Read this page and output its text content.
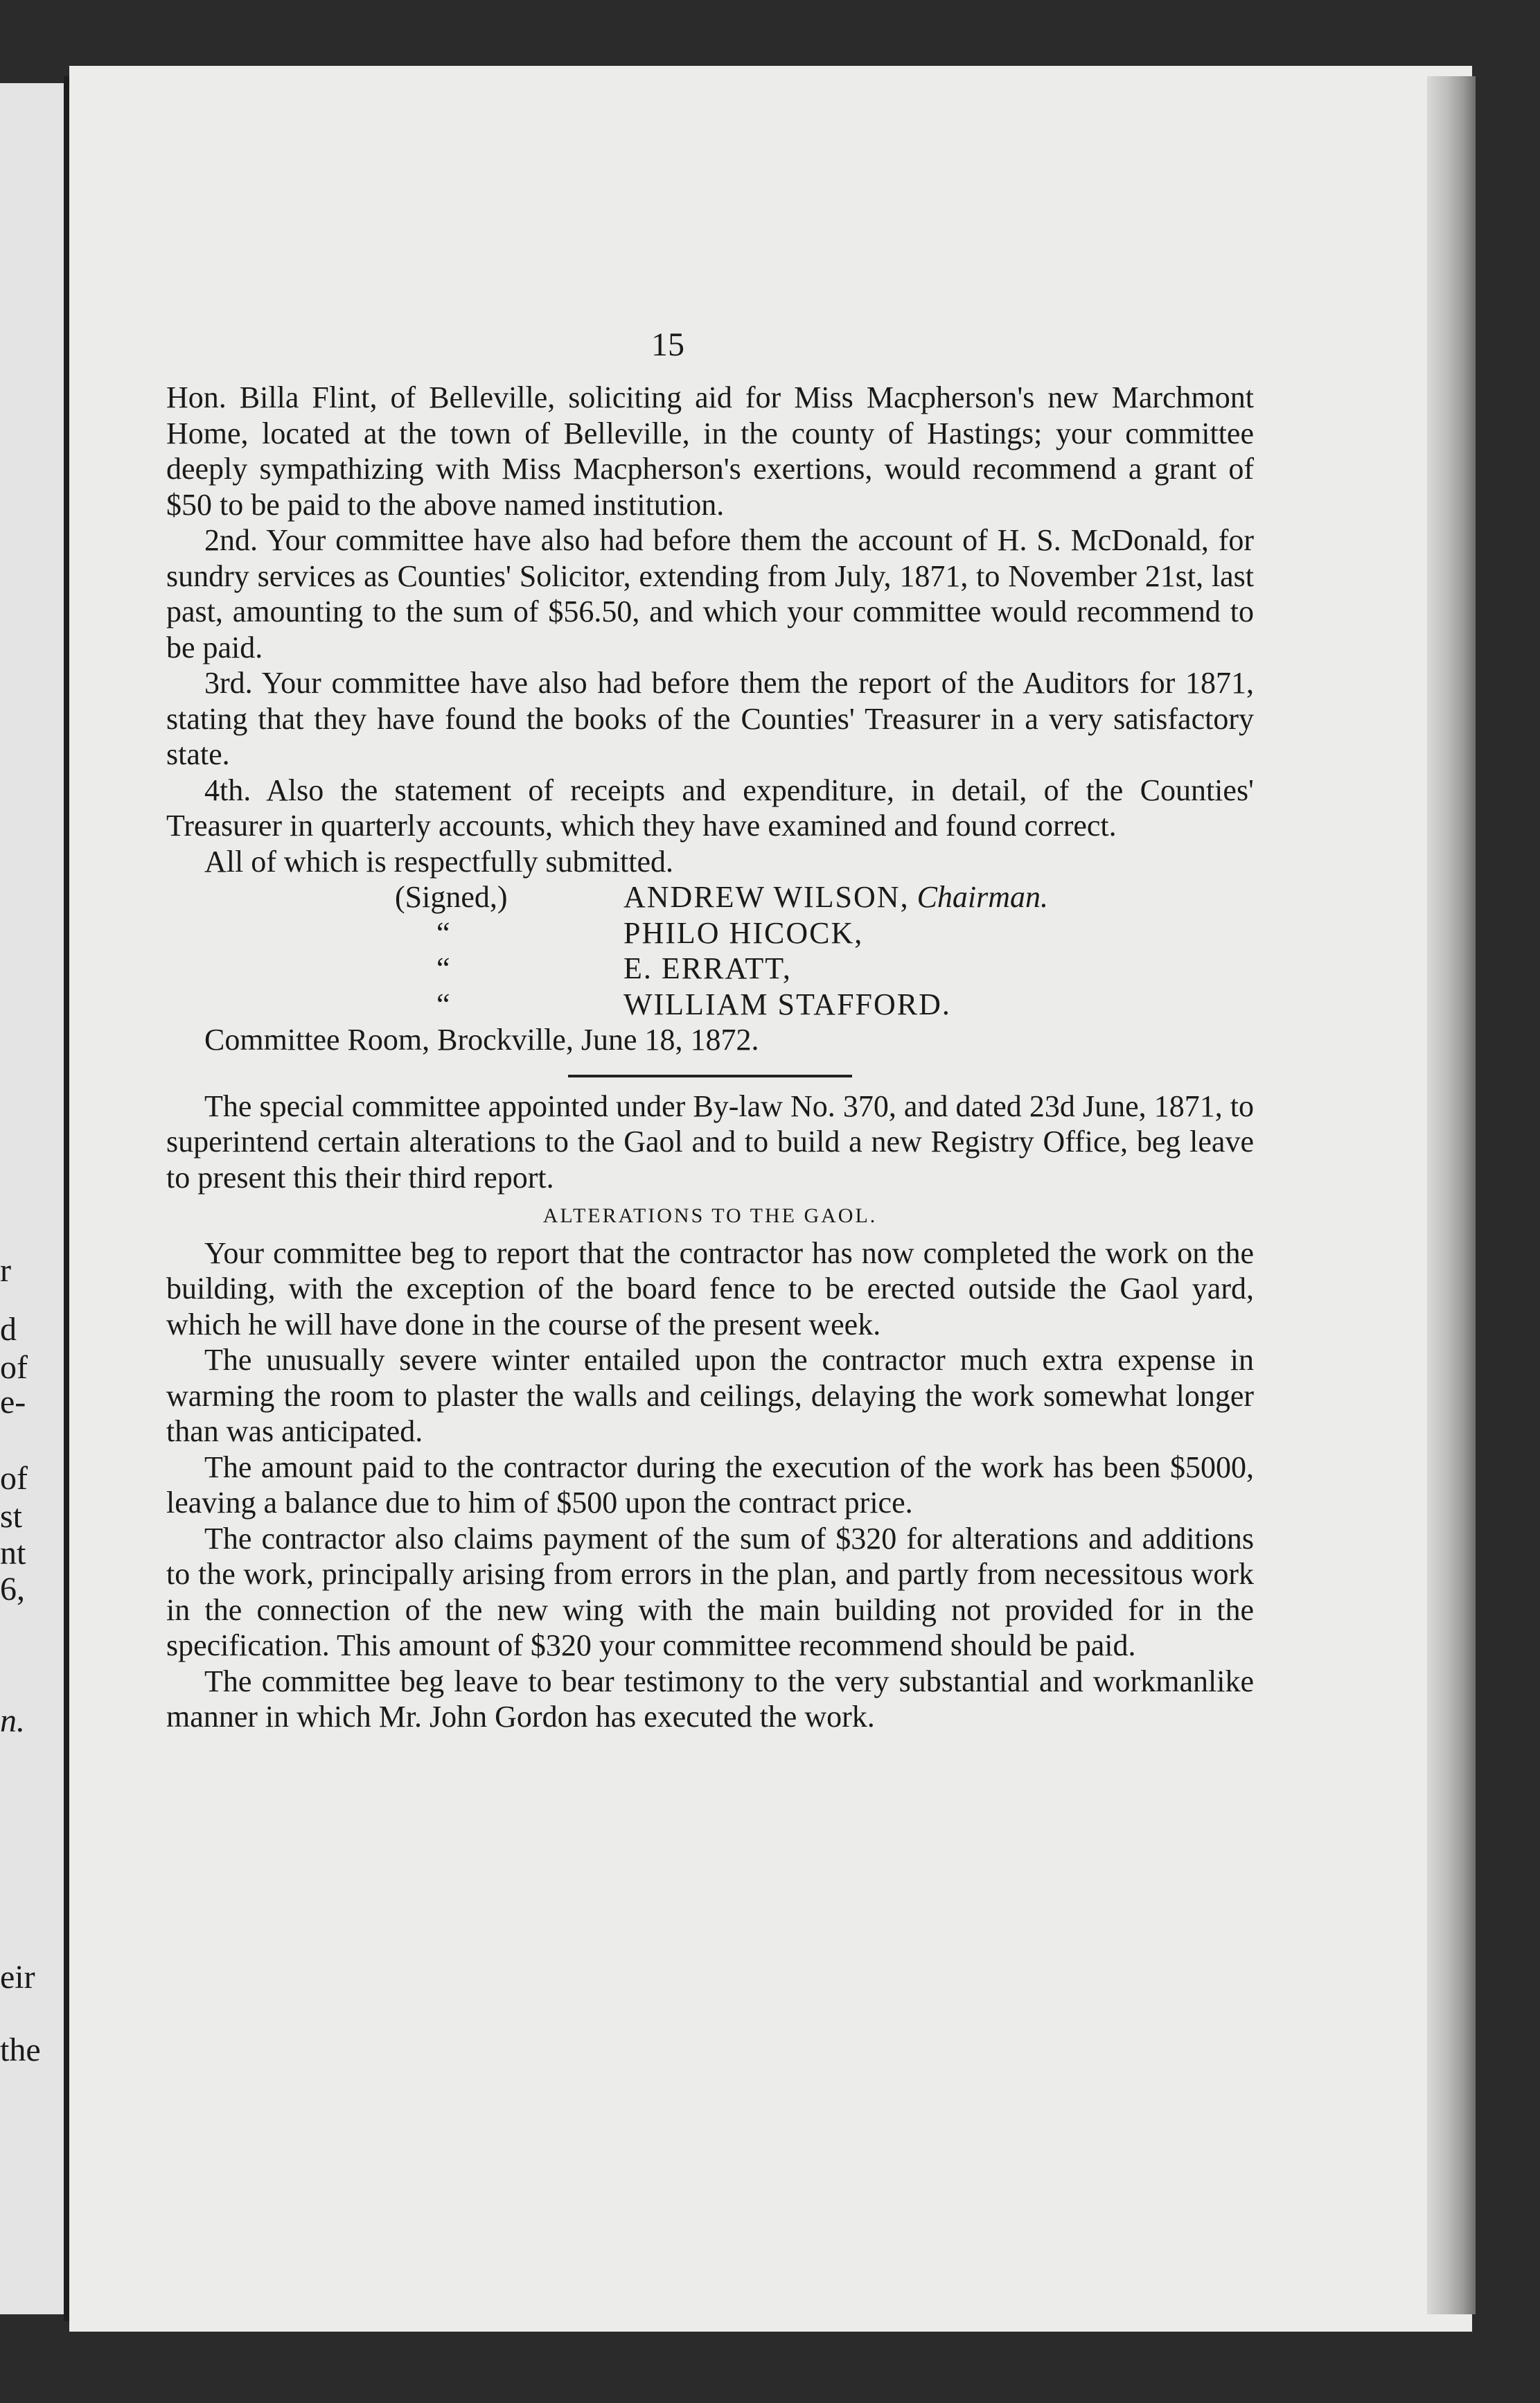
r
d
of
e-
of
st
nt
6,
n.
eir
the
15

Hon. Billa Flint, of Belleville, soliciting aid for Miss Macpherson's new Marchmont Home, located at the town of Belleville, in the county of Hastings; your committee deeply sympathizing with Miss Macpherson's exertions, would recommend a grant of $50 to be paid to the above named institution.

2nd. Your committee have also had before them the account of H. S. McDonald, for sundry services as Counties' Solicitor, extending from July, 1871, to November 21st, last past, amounting to the sum of $56.50, and which your committee would recommend to be paid.

3rd. Your committee have also had before them the report of the Auditors for 1871, stating that they have found the books of the Counties' Treasurer in a very satisfactory state.

4th. Also the statement of receipts and expenditure, in detail, of the Counties' Treasurer in quarterly accounts, which they have examined and found correct.

All of which is respectfully submitted.

(Signed,)	ANDREW WILSON, Chairman.
“	PHILO HICOCK,
“	E. ERRATT,
“	WILLIAM STAFFORD.

Committee Room, Brockville, June 18, 1872.

The special committee appointed under By-law No. 370, and dated 23d June, 1871, to superintend certain alterations to the Gaol and to build a new Registry Office, beg leave to present this their third report.

ALTERATIONS TO THE GAOL.

Your committee beg to report that the contractor has now completed the work on the building, with the exception of the board fence to be erected outside the Gaol yard, which he will have done in the course of the present week.

The unusually severe winter entailed upon the contractor much extra expense in warming the room to plaster the walls and ceilings, delaying the work somewhat longer than was anticipated.

The amount paid to the contractor during the execution of the work has been $5000, leaving a balance due to him of $500 upon the contract price.

The contractor also claims payment of the sum of $320 for alterations and additions to the work, principally arising from errors in the plan, and partly from necessitous work in the connection of the new wing with the main building not provided for in the specification. This amount of $320 your committee recommend should be paid.

The committee beg leave to bear testimony to the very substantial and workmanlike manner in which Mr. John Gordon has executed the work.
